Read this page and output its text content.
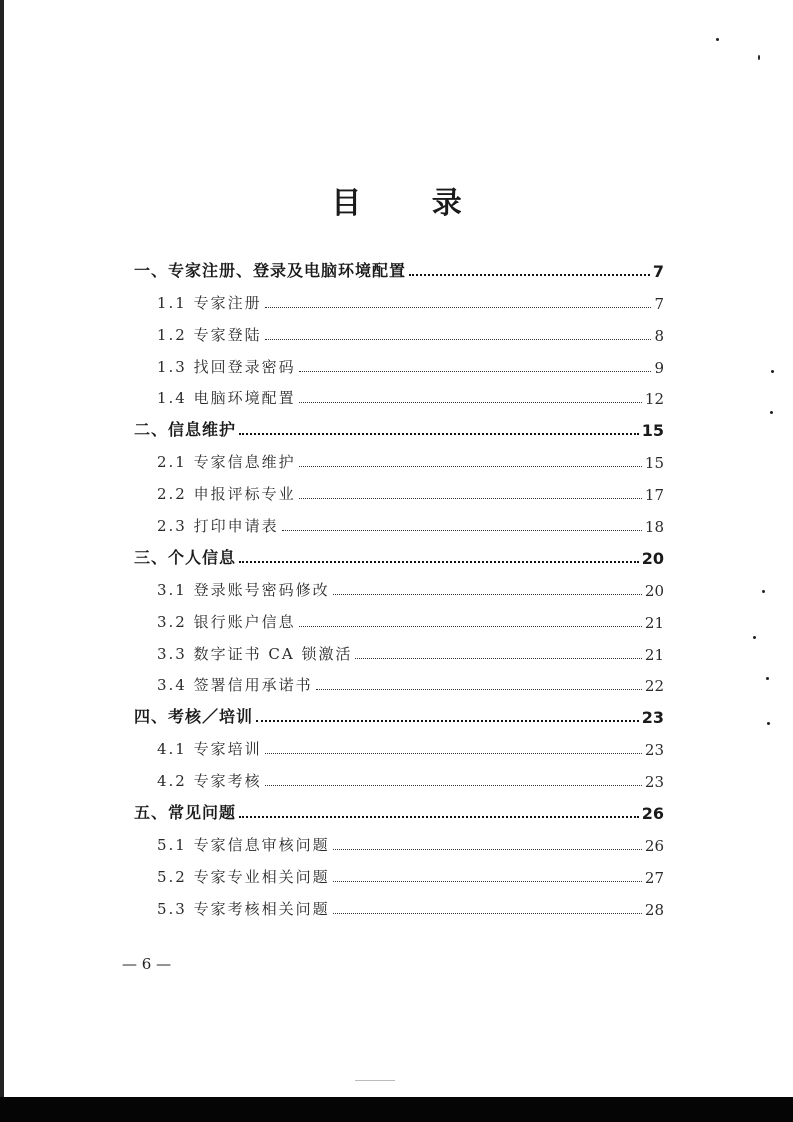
目 录
一、专家注册、登录及电脑环境配置	7
1.1 专家注册	7
1.2 专家登陆	8
1.3 找回登录密码	9
1.4 电脑环境配置	12
二、信息维护	15
2.1 专家信息维护	15
2.2 申报评标专业	17
2.3 打印申请表	18
三、个人信息	20
3.1 登录账号密码修改	20
3.2 银行账户信息	21
3.3 数字证书 CA 锁激活	21
3.4 签署信用承诺书	22
四、考核／培训	23
4.1 专家培训	23
4.2 专家考核	23
五、常见问题	26
5.1 专家信息审核问题	26
5.2 专家专业相关问题	27
5.3 专家考核相关问题	28
— 6 —
